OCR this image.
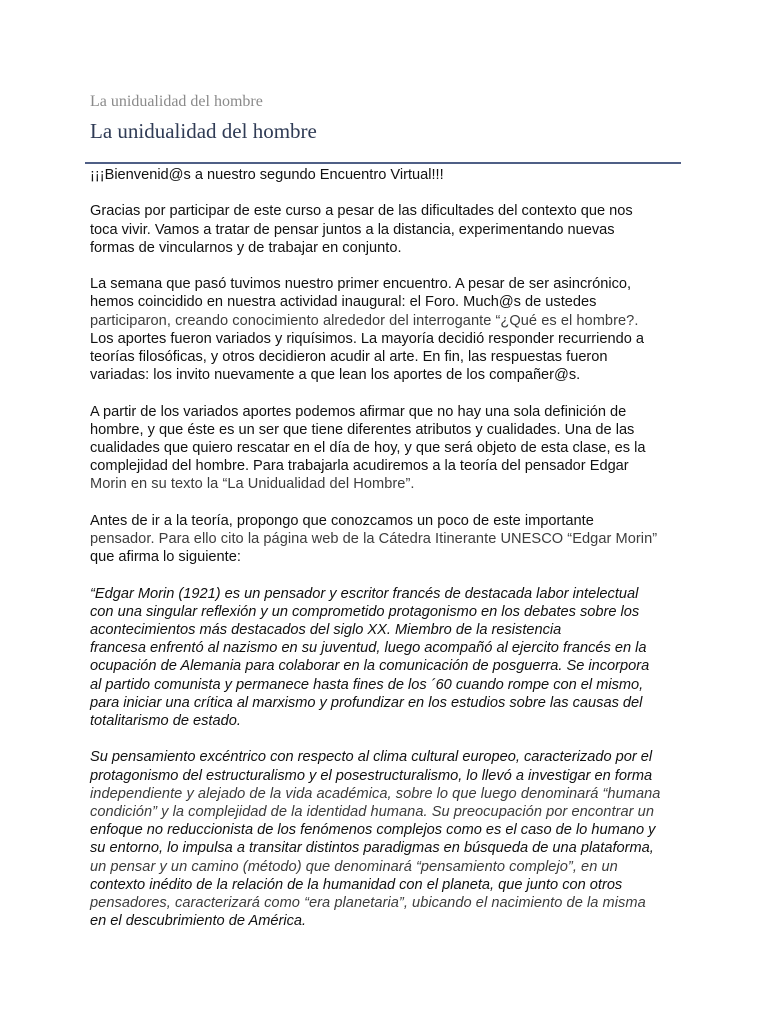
La unidualidad del hombre
La unidualidad del hombre

¡¡¡Bienvenid@s a nuestro segundo Encuentro Virtual!!!

Gracias por participar de este curso a pesar de las dificultades del contexto que nos
toca vivir. Vamos a tratar de pensar juntos a la distancia, experimentando nuevas
formas de vincularnos y de trabajar en conjunto.

La semana que pasó tuvimos nuestro primer encuentro. A pesar de ser asincrónico,
hemos coincidido en nuestra actividad inaugural: el Foro. Much@s de ustedes
participaron, creando conocimiento alrededor del interrogante “¿Qué es el hombre?.
Los aportes fueron variados y riquísimos. La mayoría decidió responder recurriendo a
teorías filosóficas, y otros decidieron acudir al arte. En fin, las respuestas fueron
variadas: los invito nuevamente a que lean los aportes de los compañer@s.

A partir de los variados aportes podemos afirmar que no hay una sola definición de
hombre, y que éste es un ser que tiene diferentes atributos y cualidades. Una de las
cualidades que quiero rescatar en el día de hoy, y que será objeto de esta clase, es la
complejidad del hombre. Para trabajarla acudiremos a la teoría del pensador Edgar
Morin en su texto la “La Unidualidad del Hombre”.

Antes de ir a la teoría, propongo que conozcamos un poco de este importante
pensador. Para ello cito la página web de la Cátedra Itinerante UNESCO “Edgar Morin”
que afirma lo siguiente:

“Edgar Morin (1921) es un pensador y escritor francés de destacada labor intelectual
con una singular reflexión y un comprometido protagonismo en los debates sobre los
acontecimientos más destacados del siglo XX. Miembro de la resistencia
francesa enfrentó al nazismo en su juventud, luego acompañó al ejercito francés en la
ocupación de Alemania para colaborar en la comunicación de posguerra. Se incorpora
al partido comunista y permanece hasta fines de los ´60 cuando rompe con el mismo,
para iniciar una crítica al marxismo y profundizar en los estudios sobre las causas del
totalitarismo de estado.

Su pensamiento excéntrico con respecto al clima cultural europeo, caracterizado por el
protagonismo del estructuralismo y el posestructuralismo, lo llevó a investigar en forma
independiente y alejado de la vida académica, sobre lo que luego denominará “humana
condición” y la complejidad de la identidad humana. Su preocupación por encontrar un
enfoque no reduccionista de los fenómenos complejos como es el caso de lo humano y
su entorno, lo impulsa a transitar distintos paradigmas en búsqueda de una plataforma,
un pensar y un camino (método) que denominará “pensamiento complejo”, en un
contexto inédito de la relación de la humanidad con el planeta, que junto con otros
pensadores, caracterizará como “era planetaria”, ubicando el nacimiento de la misma
en el descubrimiento de América.
